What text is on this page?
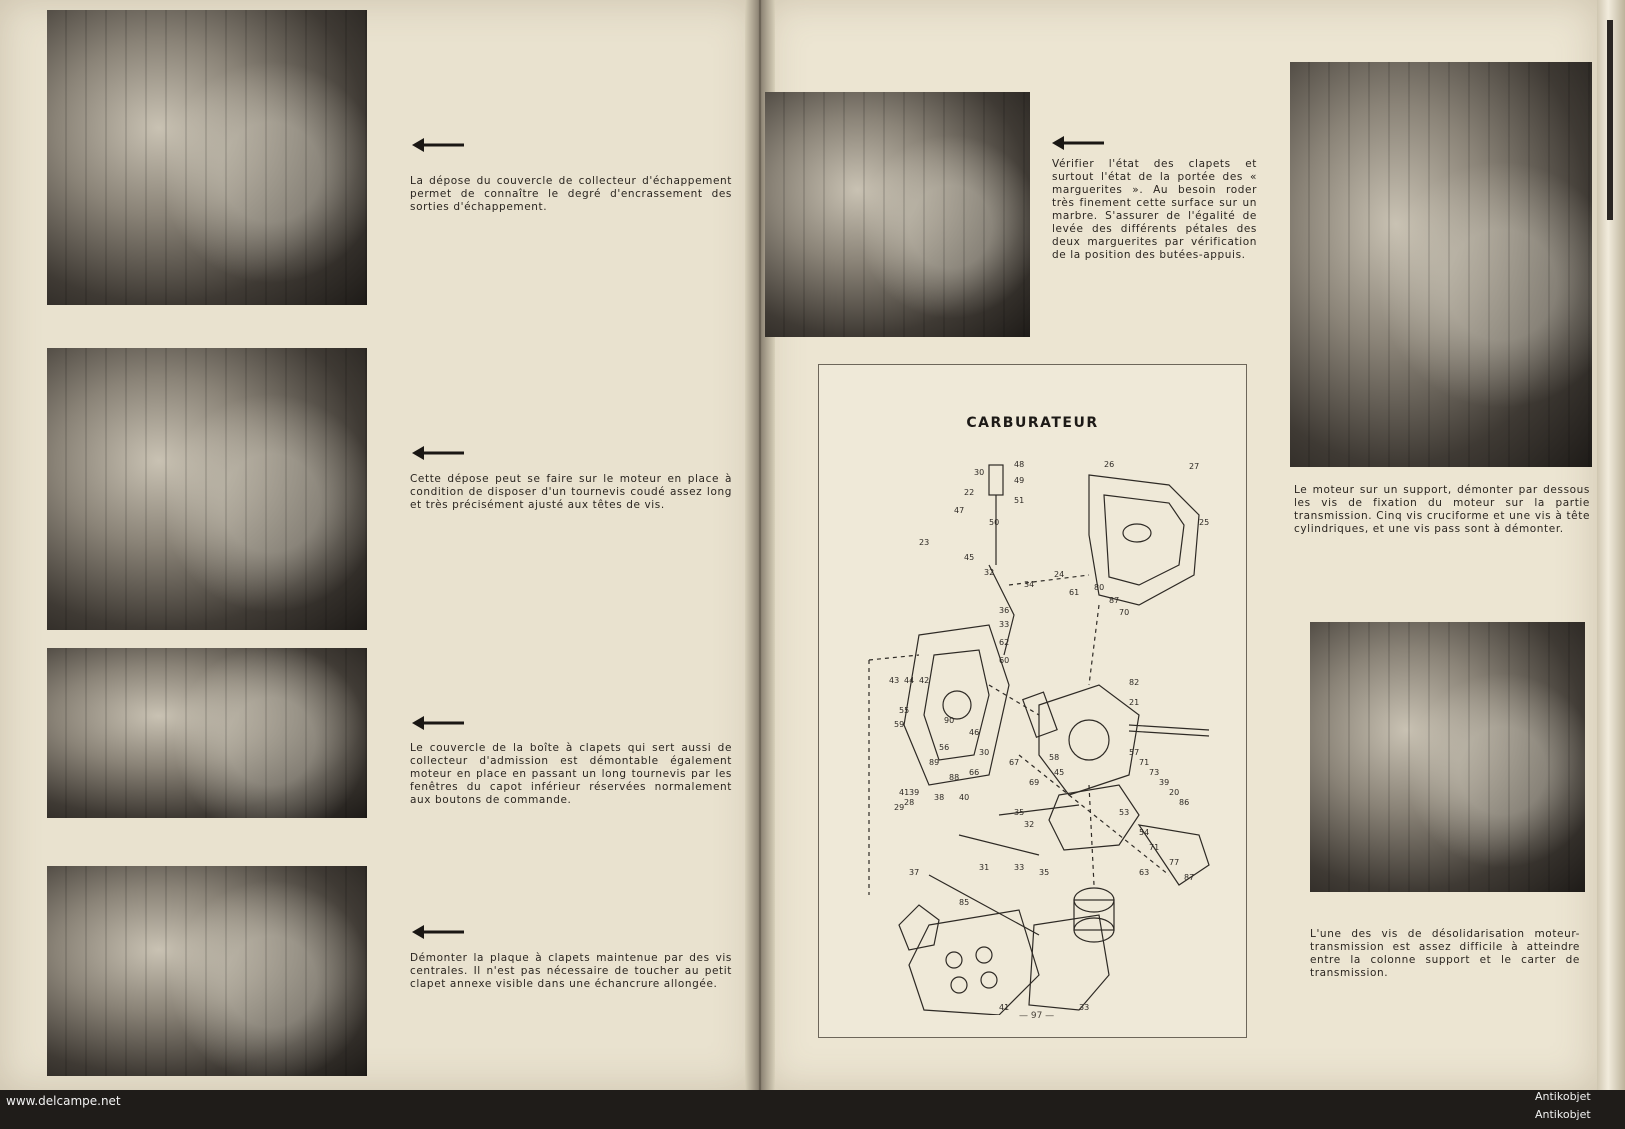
La dépose du couvercle de collecteur d'échappement permet de connaître le degré d'encrassement des sorties d'échappement.
Cette dépose peut se faire sur le moteur en place à condition de disposer d'un tournevis coudé assez long et très précisément ajusté aux têtes de vis.
Le couvercle de la boîte à clapets qui sert aussi de collecteur d'admission est démontable également moteur en place en passant un long tournevis par les fenêtres du capot inférieur réservées normalement aux boutons de commande.
Démonter la plaque à clapets maintenue par des vis centrales. Il n'est pas nécessaire de toucher au petit clapet annexe visible dans une échancrure allongée.
Vérifier l'état des clapets et surtout l'état de la portée des « marguerites ». Au besoin roder très finement cette surface sur un marbre. S'assurer de l'égalité de levée des différents pétales des deux marguerites par vérification de la position des butées-appuis.
Le moteur sur un support, démonter par dessous les vis de fixation du moteur sur la partie transmission. Cinq vis cruciforme et une vis à tête cylindriques, et une vis pass sont à démonter.
L'une des vis de désolidarisation moteur-transmission est assez difficile à atteindre entre la colonne support et le carter de transmission.
CARBURATEUR
48
30
49
22
51
47
50
26	27
23
45
32
25
34
24
61
80
87
36
33
62
70
60
43 44 42
55
59	90
56
89
41 39
38 40
37	35
33
31
28
29
46
30
82
21
88
66
67
69
58
45
35
32
57
71
73
39
20
86
53
54
71
77
87
85
41	33
63
— 97 —
www.delcampe.net	Antikobjet
Antikobjet
